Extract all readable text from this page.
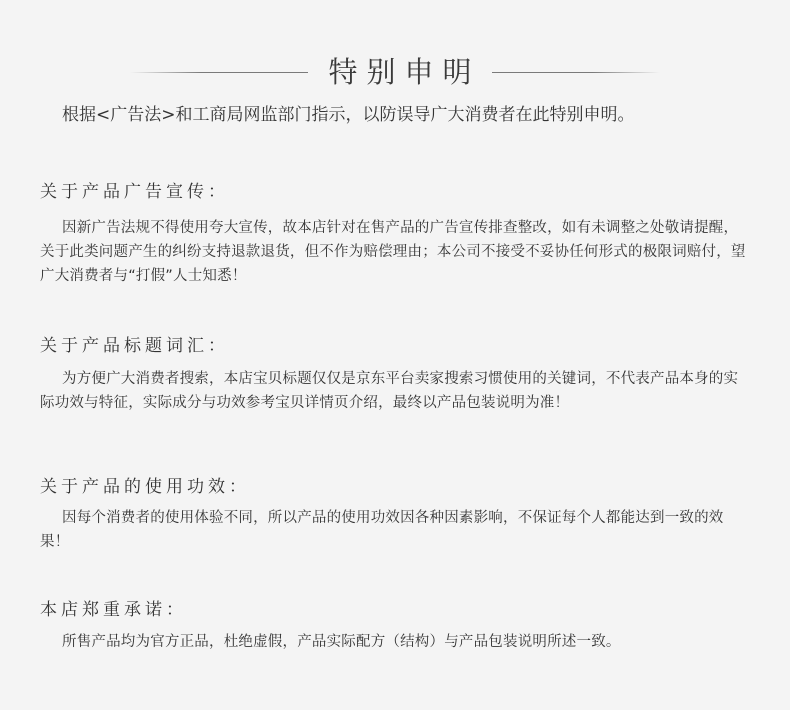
特别申明
根据<广告法>和工商局网监部门指示，以防误导广大消费者在此特别申明。
关于产品广告宣传：
因新广告法规不得使用夸大宣传，故本店针对在售产品的广告宣传排查整改，如有未调整之处敬请提醒，关于此类问题产生的纠纷支持退款退货，但不作为赔偿理由；本公司不接受不妥协任何形式的极限词赔付，望广大消费者与“打假”人士知悉！
关于产品标题词汇：
为方便广大消费者搜索，本店宝贝标题仅仅是京东平台卖家搜索习惯使用的关键词，不代表产品本身的实际功效与特征，实际成分与功效参考宝贝详情页介绍，最终以产品包装说明为准！
关于产品的使用功效：
因每个消费者的使用体验不同，所以产品的使用功效因各种因素影响，不保证每个人都能达到一致的效果！
本店郑重承诺：
所售产品均为官方正品，杜绝虚假，产品实际配方（结构）与产品包装说明所述一致。
